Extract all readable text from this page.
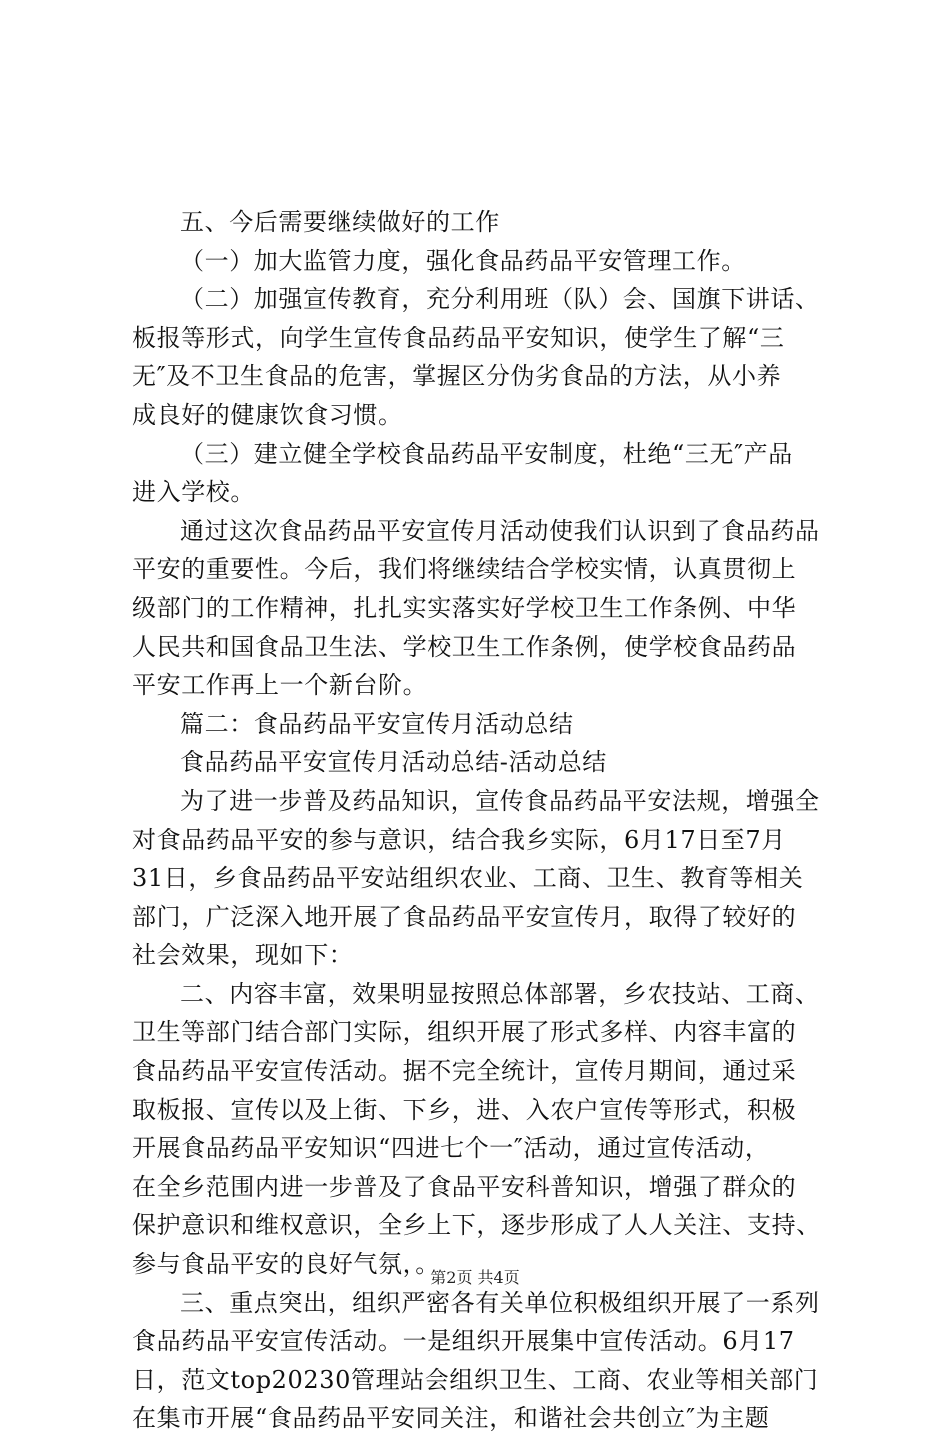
五、今后需要继续做好的工作
（一）加大监管力度，强化食品药品平安管理工作。
（二）加强宣传教育，充分利用班（队）会、国旗下讲话、
板报等形式，向学生宣传食品药品平安知识，使学生了解“三
无″及不卫生食品的危害，掌握区分伪劣食品的方法，从小养
成良好的健康饮食习惯。
（三）建立健全学校食品药品平安制度，杜绝“三无″产品
进入学校。
通过这次食品药品平安宣传月活动使我们认识到了食品药品
平安的重要性。今后，我们将继续结合学校实情，认真贯彻上
级部门的工作精神，扎扎实实落实好学校卫生工作条例、中华
人民共和国食品卫生法、学校卫生工作条例，使学校食品药品
平安工作再上一个新台阶。
篇二：食品药品平安宣传月活动总结
食品药品平安宣传月活动总结-活动总结
为了进一步普及药品知识，宣传食品药品平安法规，增强全
对食品药品平安的参与意识，结合我乡实际，6月17日至7月
31日，乡食品药品平安站组织农业、工商、卫生、教育等相关
部门，广泛深入地开展了食品药品平安宣传月，取得了较好的
社会效果，现如下：
二、内容丰富，效果明显按照总体部署，乡农技站、工商、
卫生等部门结合部门实际，组织开展了形式多样、内容丰富的
食品药品平安宣传活动。据不完全统计，宣传月期间，通过采
取板报、宣传以及上街、下乡，进、入农户宣传等形式，积极
开展食品药品平安知识“四进七个一″活动，通过宣传活动，
在全乡范围内进一步普及了食品平安科普知识，增强了群众的
保护意识和维权意识，全乡上下，逐步形成了人人关注、支持、
参与食品平安的良好气氛，。
三、重点突出，组织严密各有关单位积极组织开展了一系列
食品药品平安宣传活动。一是组织开展集中宣传活动。6月17
日，范文top20230管理站会组织卫生、工商、农业等相关部门
在集市开展“食品药品平安同关注，和谐社会共创立″为主题
第2页 共4页
